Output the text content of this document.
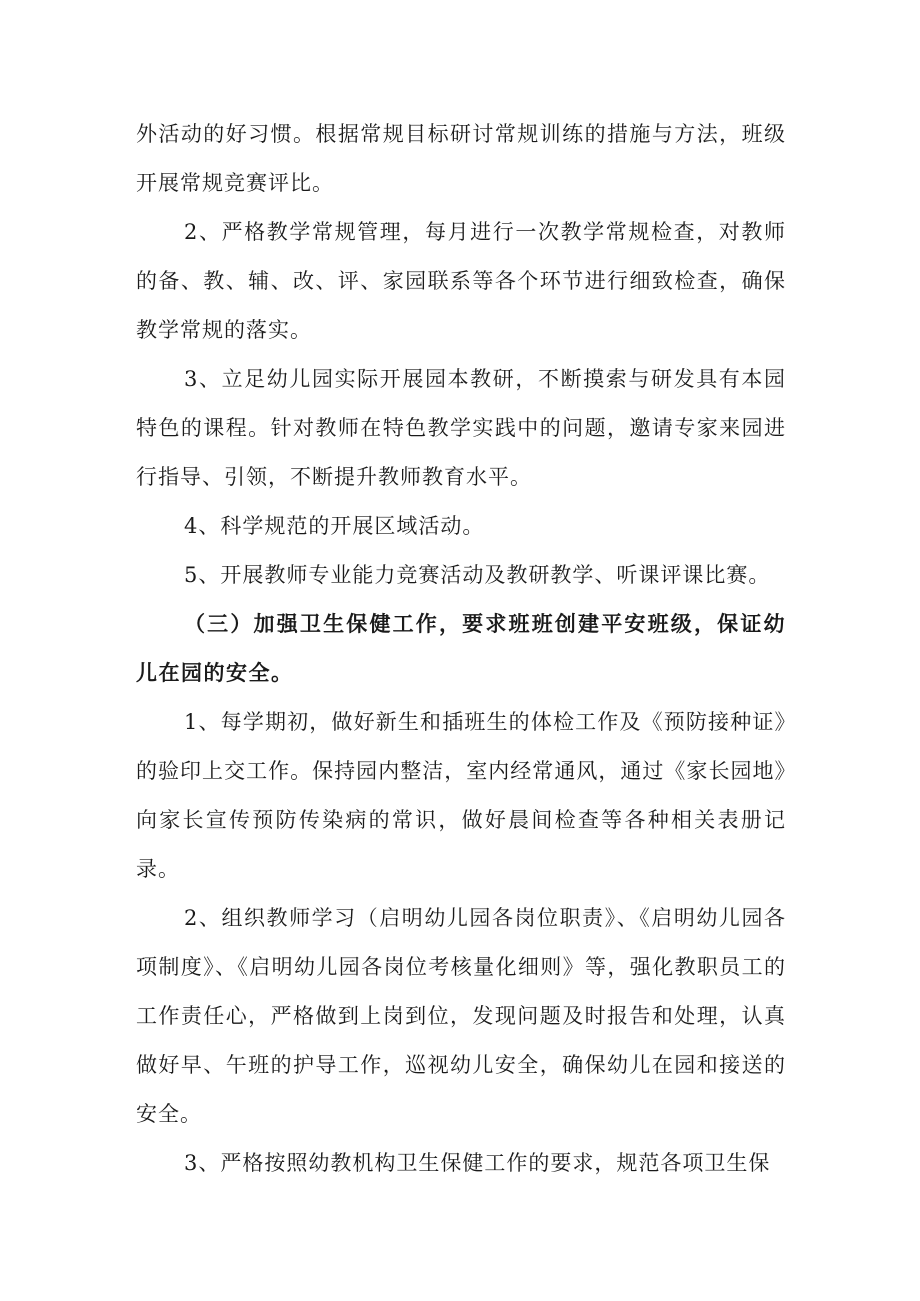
外活动的好习惯。根据常规目标研讨常规训练的措施与方法，班级开展常规竞赛评比。

2、严格教学常规管理，每月进行一次教学常规检查，对教师的备、教、辅、改、评、家园联系等各个环节进行细致检查，确保教学常规的落实。

3、立足幼儿园实际开展园本教研，不断摸索与研发具有本园特色的课程。针对教师在特色教学实践中的问题，邀请专家来园进行指导、引领，不断提升教师教育水平。

4、科学规范的开展区域活动。

5、开展教师专业能力竞赛活动及教研教学、听课评课比赛。

（三）加强卫生保健工作，要求班班创建平安班级，保证幼儿在园的安全。

1、每学期初，做好新生和插班生的体检工作及《预防接种证》的验印上交工作。保持园内整洁，室内经常通风，通过《家长园地》向家长宣传预防传染病的常识，做好晨间检查等各种相关表册记录。

2、组织教师学习（启明幼儿园各岗位职责》、《启明幼儿园各项制度》、《启明幼儿园各岗位考核量化细则》等，强化教职员工的工作责任心，严格做到上岗到位，发现问题及时报告和处理，认真做好早、午班的护导工作，巡视幼儿安全，确保幼儿在园和接送的安全。

3、严格按照幼教机构卫生保健工作的要求，规范各项卫生保
